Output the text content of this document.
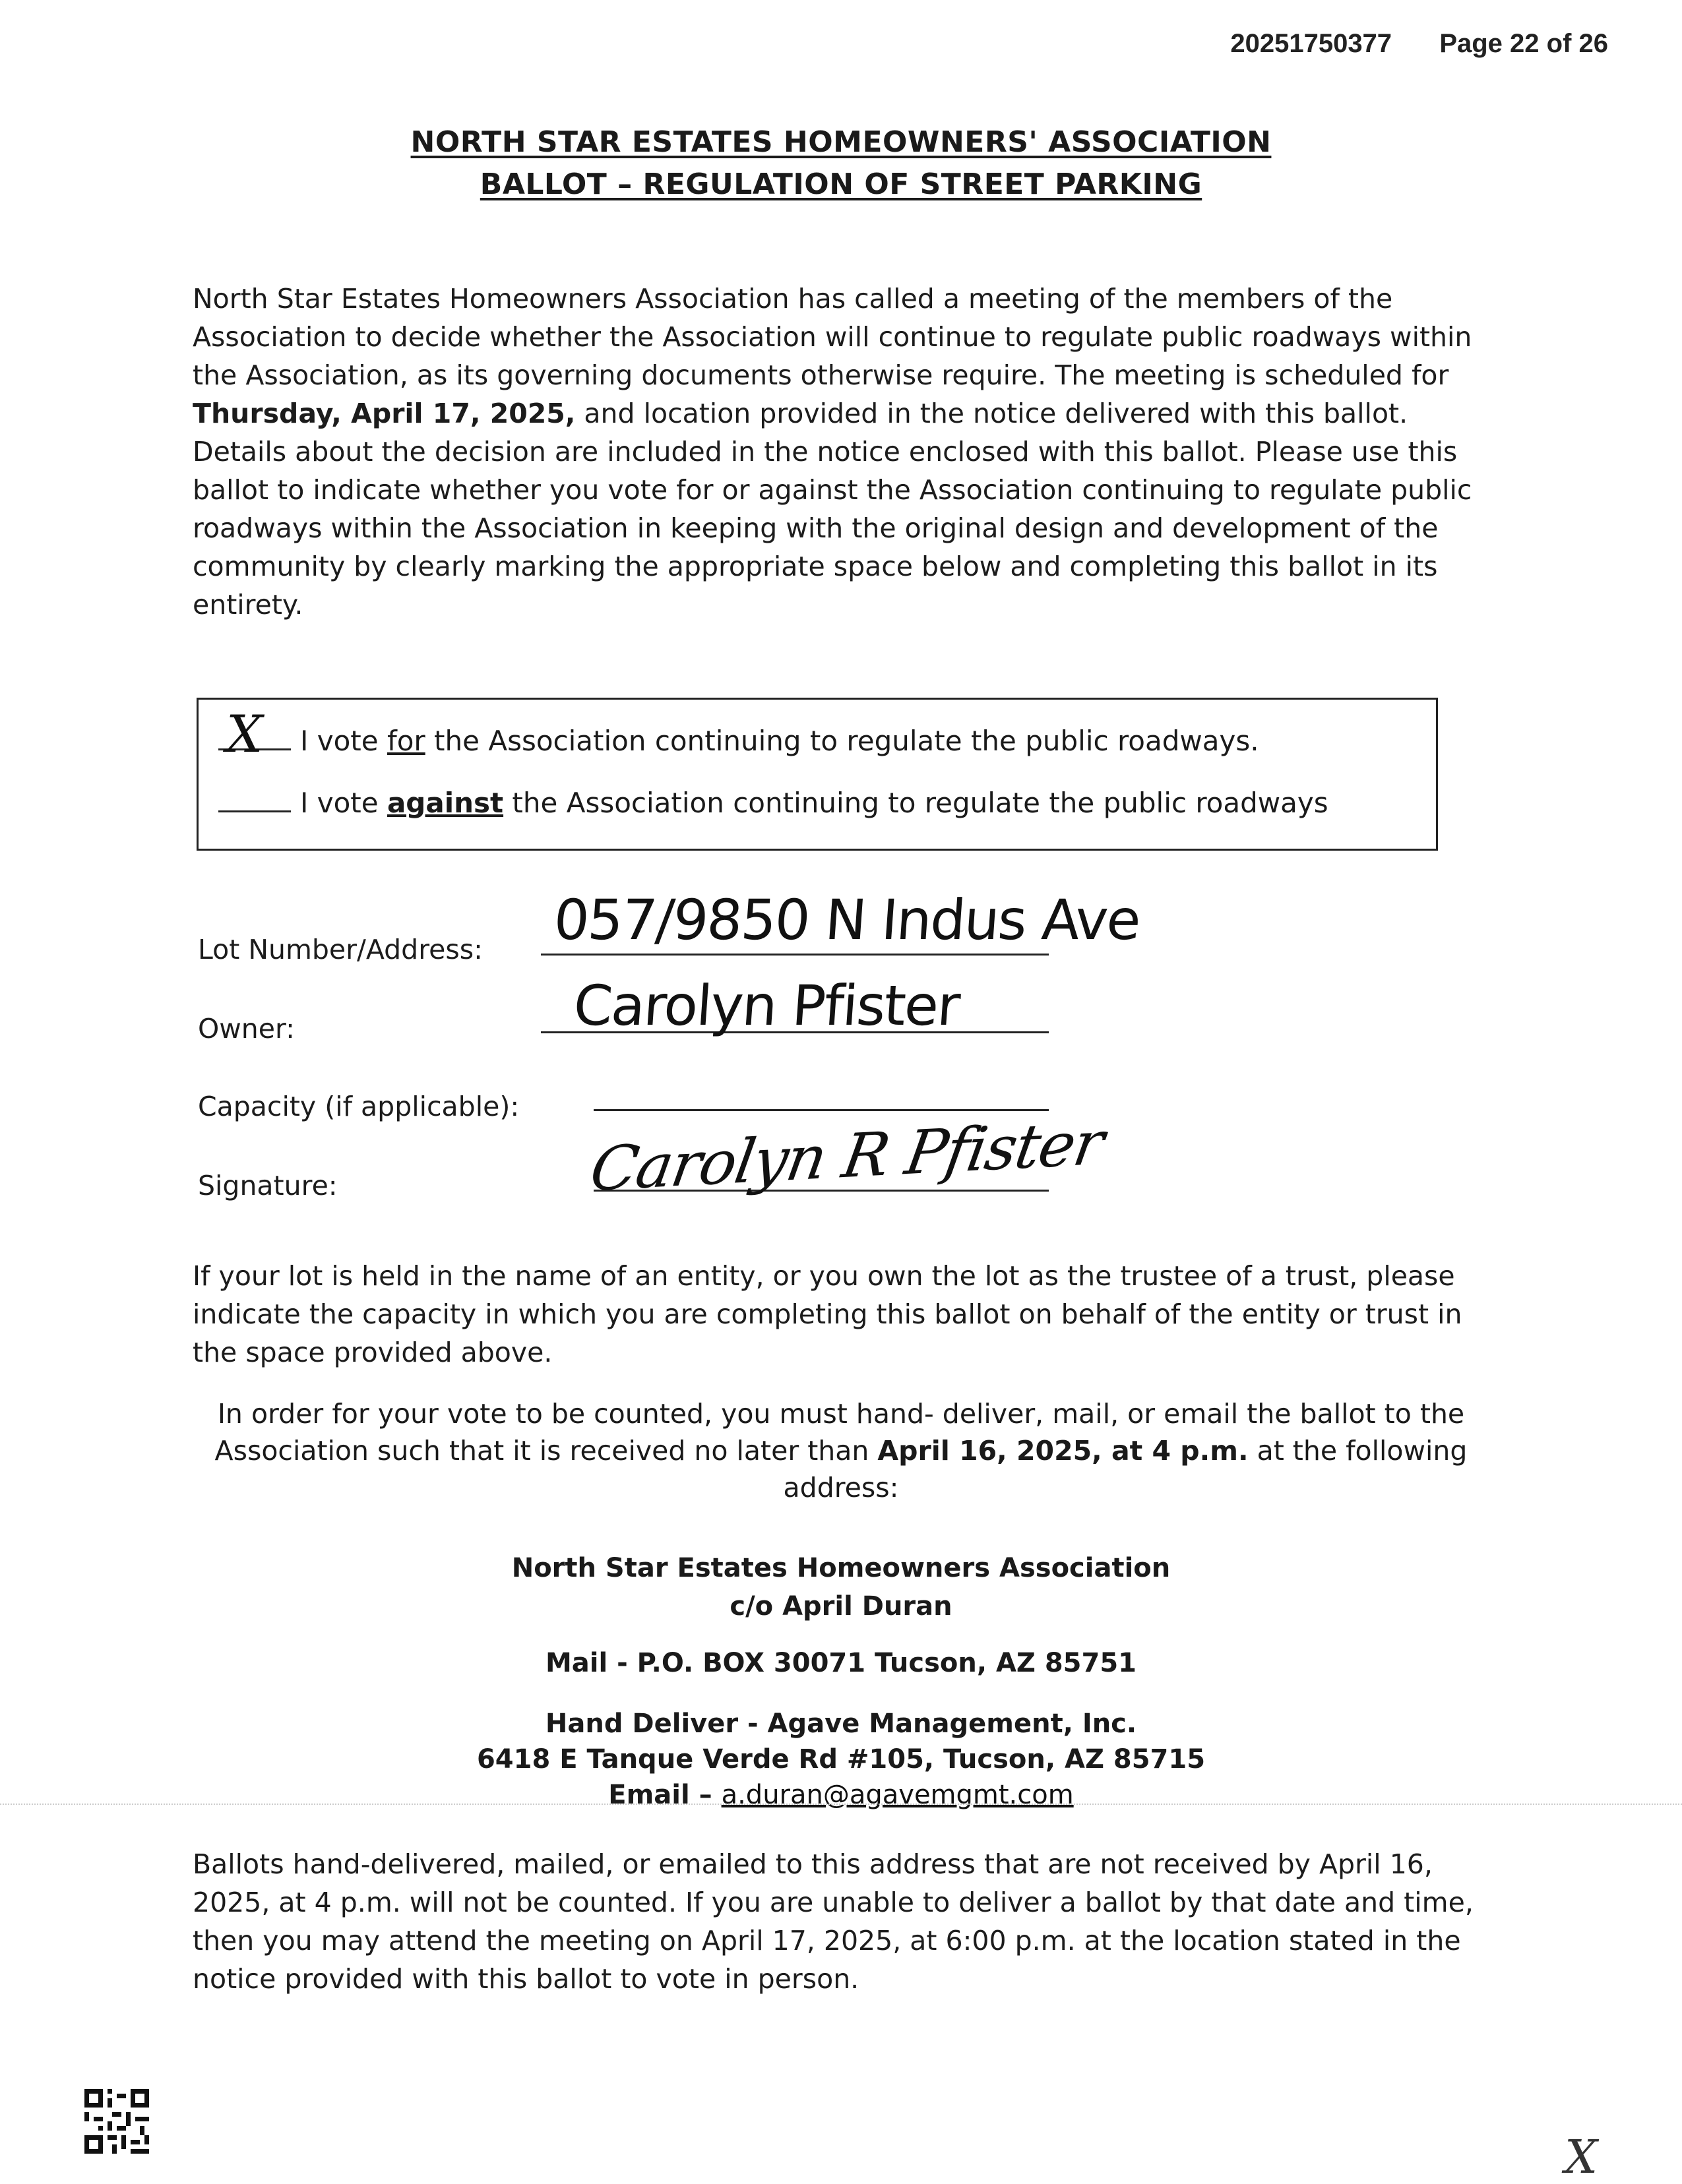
20251750377 Page 22 of 26
NORTH STAR ESTATES HOMEOWNERS' ASSOCIATION
BALLOT – REGULATION OF STREET PARKING

North Star Estates Homeowners Association has called a meeting of the members of the Association to decide whether the Association will continue to regulate public roadways within the Association, as its governing documents otherwise require. The meeting is scheduled for Thursday, April 17, 2025, and location provided in the notice delivered with this ballot. Details about the decision are included in the notice enclosed with this ballot. Please use this ballot to indicate whether you vote for or against the Association continuing to regulate public roadways within the Association in keeping with the original design and development of the community by clearly marking the appropriate space below and completing this ballot in its entirety.

X I vote for the Association continuing to regulate the public roadways.
I vote against the Association continuing to regulate the public roadways
Lot Number/Address: 057/9850 N Indus Ave
Owner:	Carolyn Pfister
Capacity (if applicable):
Signature:	Carolyn R Pfister
If your lot is held in the name of an entity, or you own the lot as the trustee of a trust, please indicate the capacity in which you are completing this ballot on behalf of the entity or trust in the space provided above.
In order for your vote to be counted, you must hand- deliver, mail, or email the ballot to the Association such that it is received no later than April 16, 2025, at 4 p.m. at the following address:
North Star Estates Homeowners Association
c/o April Duran
Mail - P.O. BOX 30071 Tucson, AZ 85751
Hand Deliver - Agave Management, Inc.
6418 E Tanque Verde Rd #105, Tucson, AZ 85715
Email – a.duran@agavemgmt.com
Ballots hand-delivered, mailed, or emailed to this address that are not received by April 16, 2025, at 4 p.m. will not be counted. If you are unable to deliver a ballot by that date and time, then you may attend the meeting on April 17, 2025, at 6:00 p.m. at the location stated in the notice provided with this ballot to vote in person.
X
